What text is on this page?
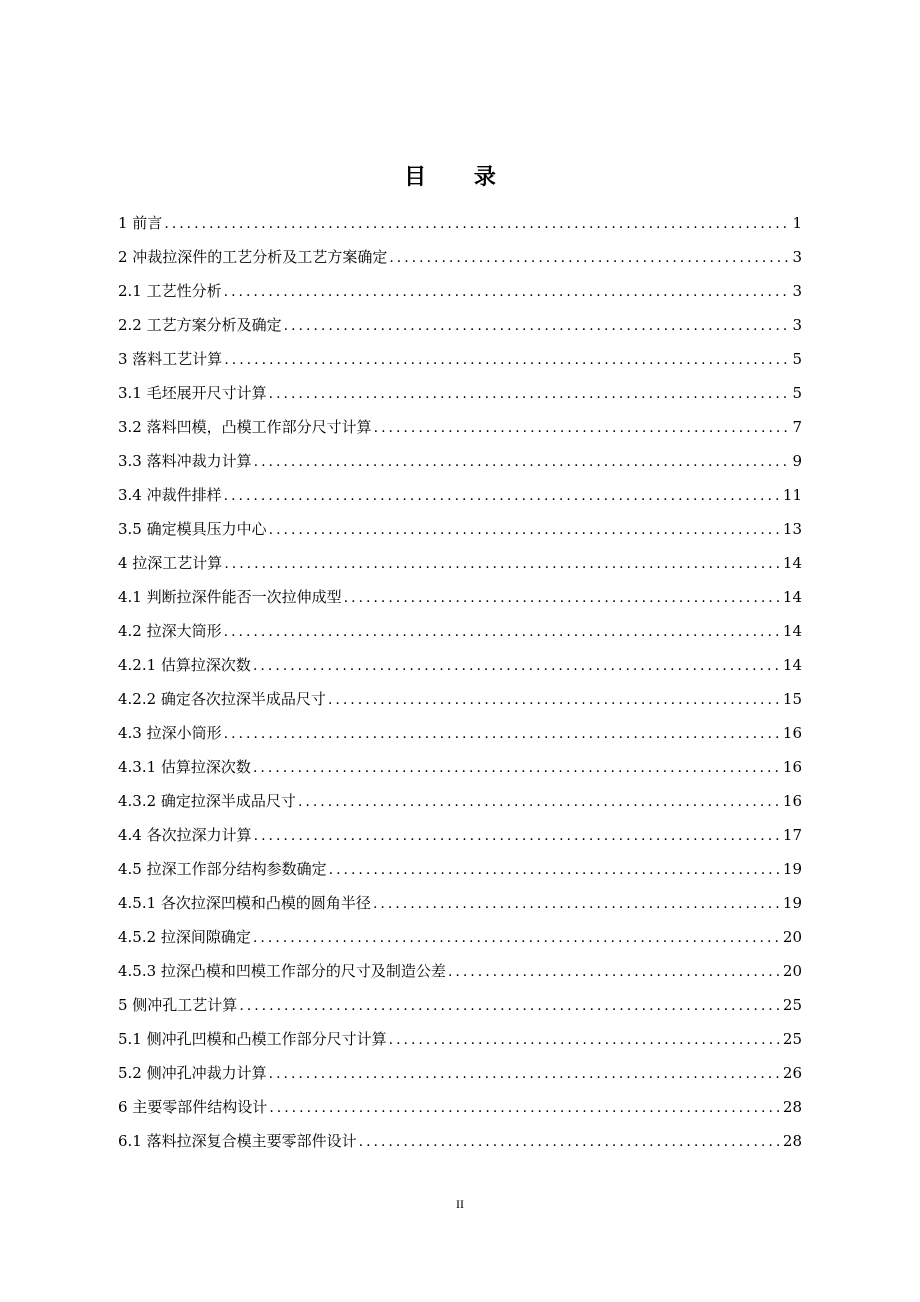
目 录
1 前言 .....	1
2 冲裁拉深件的工艺分析及工艺方案确定 .....	3
2.1 工艺性分析 .....	3
2.2 工艺方案分析及确定 .....	3
3 落料工艺计算 .....	5
3.1 毛坯展开尺寸计算 .....	5
3.2 落料凹模，凸模工作部分尺寸计算 .....	7
3.3 落料冲裁力计算 .....	9
3.4 冲裁件排样 .....	11
3.5 确定模具压力中心 .....	13
4 拉深工艺计算 .....	14
4.1 判断拉深件能否一次拉伸成型 .....	14
4.2 拉深大筒形 .....	14
4.2.1 估算拉深次数 .....	14
4.2.2 确定各次拉深半成品尺寸 .....	15
4.3 拉深小筒形 .....	16
4.3.1 估算拉深次数 .....	16
4.3.2 确定拉深半成品尺寸 .....	16
4.4 各次拉深力计算 .....	17
4.5 拉深工作部分结构参数确定 .....	19
4.5.1 各次拉深凹模和凸模的圆角半径 .....	19
4.5.2 拉深间隙确定 .....	20
4.5.3 拉深凸模和凹模工作部分的尺寸及制造公差 .....	20
5 侧冲孔工艺计算 .....	25
5.1 侧冲孔凹模和凸模工作部分尺寸计算 .....	25
5.2 侧冲孔冲裁力计算 .....	26
6 主要零部件结构设计 .....	28
6.1 落料拉深复合模主要零部件设计 .....	28
II
